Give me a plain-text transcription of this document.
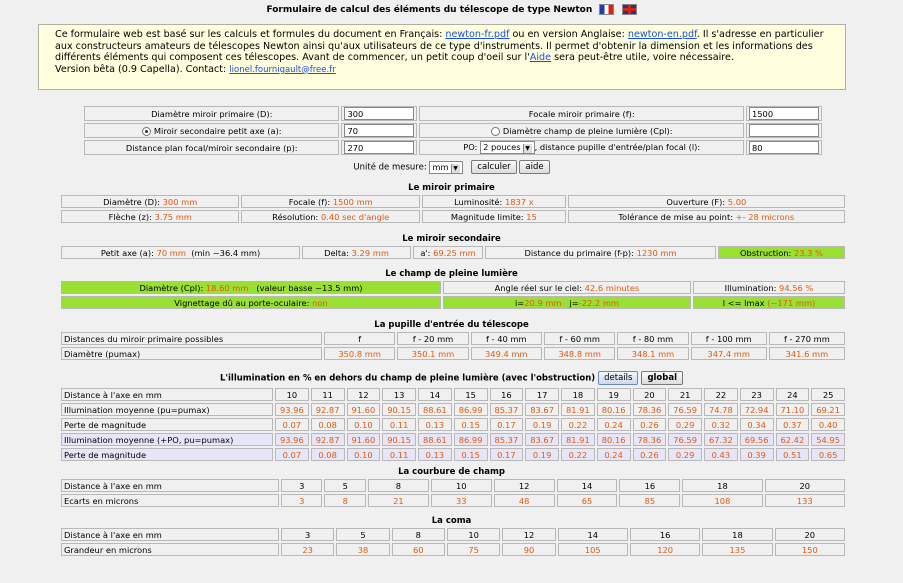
Formulaire de calcul des éléments du télescope de type Newton
Ce formulaire web est basé sur les calculs et formules du document en Français: newton-fr.pdf ou en version Anglaise: newton-en.pdf. Il s'adresse en particulier aux constructeurs amateurs de télescopes Newton ainsi qu'aux utilisateurs de ce type d'instruments. Il permet d'obtenir la dimension et les informations des différents éléments qui composent ces télescopes. Avant de commencer, un petit coup d'oeil sur l'Aide sera peut-être utile, voire nécessaire.
Version bêta (0.9 Capella). Contact: lionel.fournigault@free.fr
Diamètre miroir primaire (D):	300	Focale miroir primaire (f):	1500
Miroir secondaire petit axe (a):	70	Diamètre champ de pleine lumière (Cpl):	
Distance plan focal/miroir secondaire (p):	270	PO: 2 pouces ▼ , distance pupille d'entrée/plan focal (l):	80
Unité de mesure: mm ▼ calculer aide
Le miroir primaire
Diamètre (D): 300 mm	Focale (f): 1500 mm	Luminosité: 1837 x	Ouverture (F): 5.00
Flèche (z): 3.75 mm	Résolution: 0.40 sec d'angle	Magnitude limite: 15	Tolérance de mise au point: +- 28 microns
Le miroir secondaire
Petit axe (a): 70 mm (min ~36.4 mm)	Delta: 3.29 mm	a': 69.25 mm	Distance du primaire (f-p): 1230 mm	Obstruction: 23.3 %
Le champ de pleine lumière
Diamètre (Cpl): 18.60 mm (valeur basse ~13.5 mm)	Angle réel sur le ciel: 42.6 minutes	Illumination: 94.56 %
Vignettage dû au porte-oculaire: non	i=20.9 mm j=-22.2 mm	l <= lmax (~171 mm)
La pupille d'entrée du télescope
Distances du miroir primaire possibles	f	f - 20 mm	f - 40 mm	f - 60 mm	f - 80 mm	f - 100 mm	f - 270 mm
Diamètre (pumax)	350.8 mm	350.1 mm	349.4 mm	348.8 mm	348.1 mm	347.4 mm	341.6 mm
L'illumination en % en dehors du champ de pleine lumière (avec l'obstruction) details global
Distance à l'axe en mm	10	11	12	13	14	15	16	17	18	19	20	21	22	23	24	25
Illumination moyenne (pu=pumax)	93.96	92.87	91.60	90.15	88.61	86.99	85.37	83.67	81.91	80.16	78.36	76.59	74.78	72.94	71.10	69.21
Perte de magnitude	0.07	0.08	0.10	0.11	0.13	0.15	0.17	0.19	0.22	0.24	0.26	0.29	0.32	0.34	0.37	0.40
Illumination moyenne (+PO, pu=pumax)	93.96	92.87	91.60	90.15	88.61	86.99	85.37	83.67	81.91	80.16	78.36	76.59	67.32	69.56	62.42	54.95
Perte de magnitude	0.07	0.08	0.10	0.11	0.13	0.15	0.17	0.19	0.22	0.24	0.26	0.29	0.43	0.39	0.51	0.65
La courbure de champ
Distance à l'axe en mm	3	5	8	10	12	14	16	18	20
Ecarts en microns	3	8	21	33	48	65	85	108	133
La coma
Distance à l'axe en mm	3	5	8	10	12	14	16	18	20
Grandeur en microns	23	38	60	75	90	105	120	135	150
